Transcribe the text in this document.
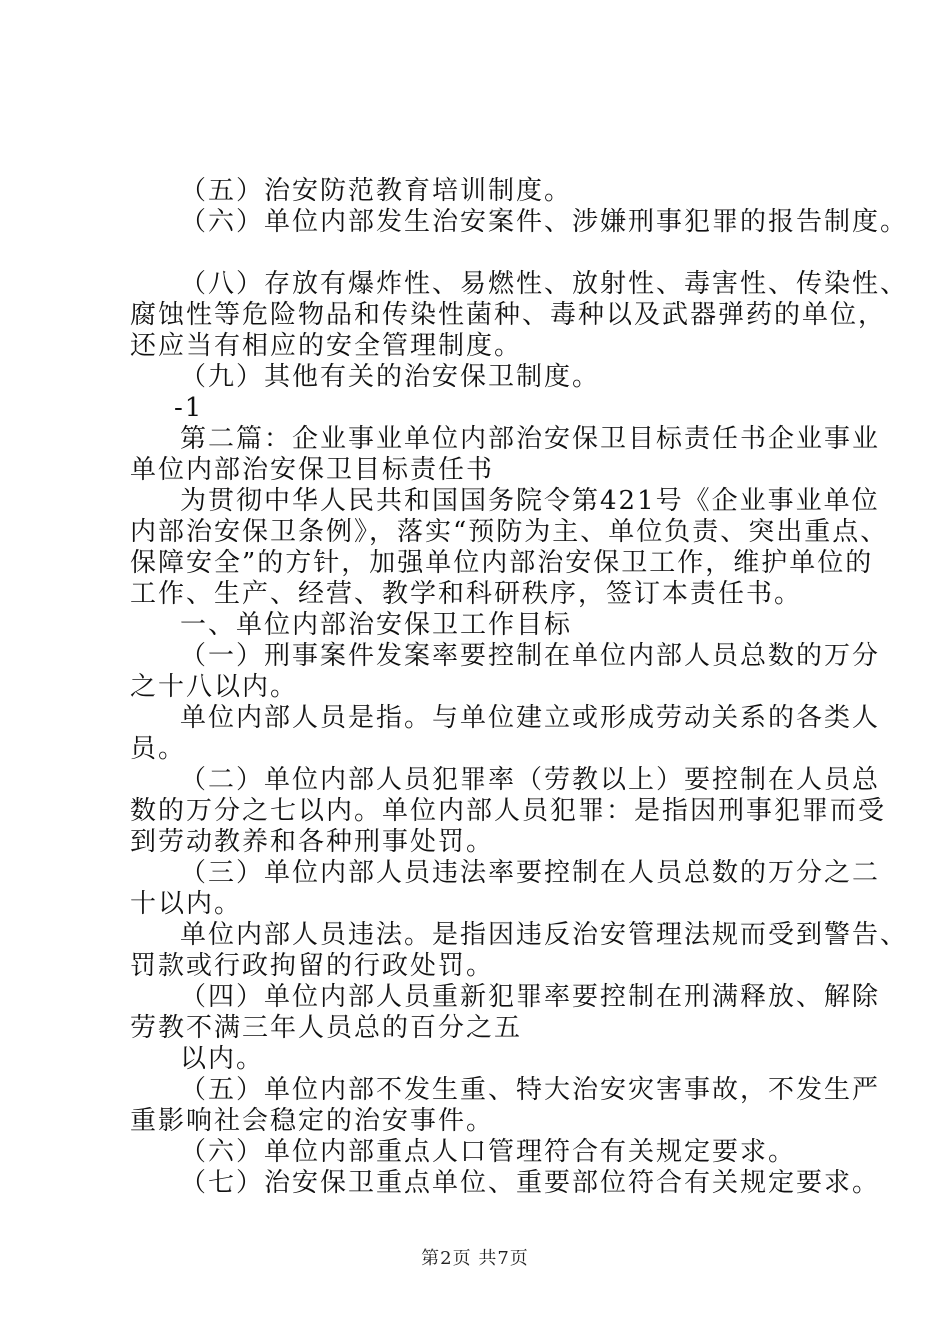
（五）治安防范教育培训制度。
（六）单位内部发生治安案件、涉嫌刑事犯罪的报告制度。
（八）存放有爆炸性、易燃性、放射性、毒害性、传染性、
腐蚀性等危险物品和传染性菌种、毒种以及武器弹药的单位，
还应当有相应的安全管理制度。
（九）其他有关的治安保卫制度。
-1
第二篇：企业事业单位内部治安保卫目标责任书企业事业
单位内部治安保卫目标责任书
为贯彻中华人民共和国国务院令第421号《企业事业单位
内部治安保卫条例》，落实“预防为主、单位负责、突出重点、
保障安全”的方针，加强单位内部治安保卫工作，维护单位的
工作、生产、经营、教学和科研秩序，签订本责任书。
一、单位内部治安保卫工作目标
（一）刑事案件发案率要控制在单位内部人员总数的万分
之十八以内。
单位内部人员是指。与单位建立或形成劳动关系的各类人
员。
（二）单位内部人员犯罪率（劳教以上）要控制在人员总
数的万分之七以内。单位内部人员犯罪：是指因刑事犯罪而受
到劳动教养和各种刑事处罚。
（三）单位内部人员违法率要控制在人员总数的万分之二
十以内。
单位内部人员违法。是指因违反治安管理法规而受到警告、
罚款或行政拘留的行政处罚。
（四）单位内部人员重新犯罪率要控制在刑满释放、解除
劳教不满三年人员总的百分之五
以内。
（五）单位内部不发生重、特大治安灾害事故，不发生严
重影响社会稳定的治安事件。
（六）单位内部重点人口管理符合有关规定要求。
（七）治安保卫重点单位、重要部位符合有关规定要求。
第2页 共7页
